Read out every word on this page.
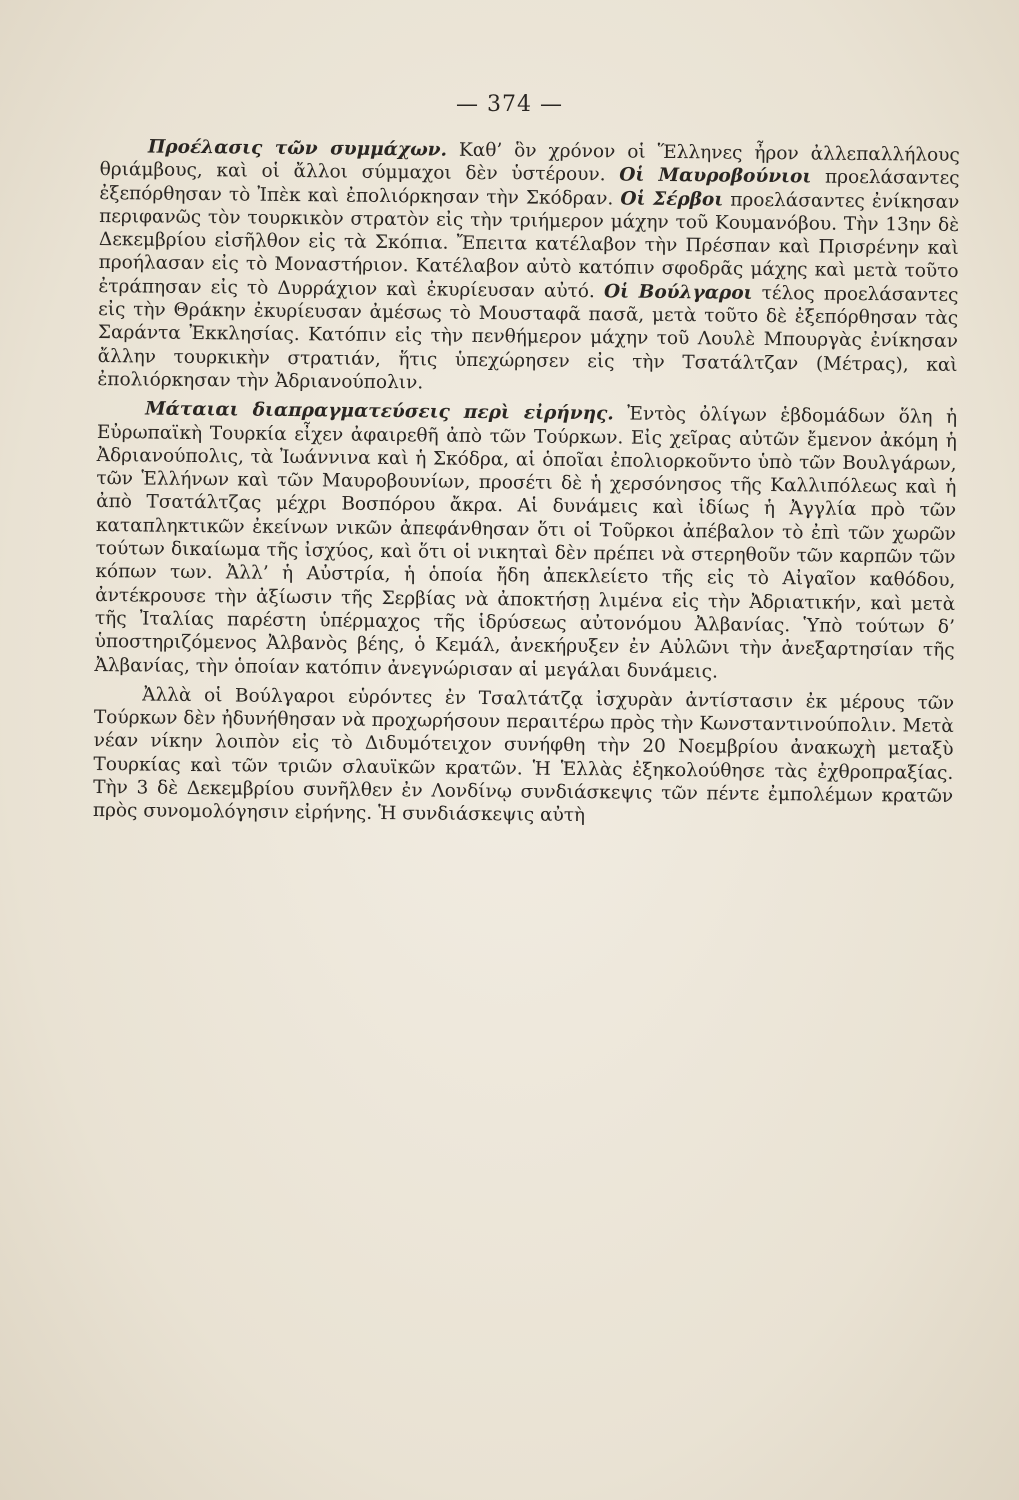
— 374 —

Προέλασις τῶν συμμάχων. Καθ’ ὃν χρόνον οἱ Ἕλληνες ἦρον ἀλλεπαλλήλους θριάμβους, καὶ οἱ ἄλλοι σύμμαχοι δὲν ὑστέρουν. Οἱ Μαυροβούνιοι προελάσαντες ἐξεπόρθησαν τὸ Ἰπὲκ καὶ ἐπολιόρκησαν τὴν Σκόδραν. Οἱ Σέρβοι προελάσαντες ἐνίκησαν περιφανῶς τὸν τουρκικὸν στρατὸν εἰς τὴν τριήμερον μάχην τοῦ Κουμανόβου. Τὴν 13ην δὲ Δεκεμβρίου εἰσῆλθον εἰς τὰ Σκόπια. Ἔπειτα κατέλαβον τὴν Πρέσπαν καὶ Πρισρένην καὶ προήλασαν εἰς τὸ Μοναστήριον. Κατέλαβον αὐτὸ κατόπιν σφοδρᾶς μάχης καὶ μετὰ τοῦτο ἐτράπησαν εἰς τὸ Δυρράχιον καὶ ἐκυρίευσαν αὐτό. Οἱ Βούλγαροι τέλος προελάσαντες εἰς τὴν Θράκην ἐκυρίευσαν ἀμέσως τὸ Μουσταφᾶ πασᾶ, μετὰ τοῦτο δὲ ἐξεπόρθησαν τὰς Σαράντα Ἐκκλησίας. Κατόπιν εἰς τὴν πενθήμερον μάχην τοῦ Λουλὲ Μπουργὰς ἐνίκησαν ἄλλην τουρκικὴν στρατιάν, ἥτις ὑπεχώρησεν εἰς τὴν Τσατάλτζαν (Μέτρας), καὶ ἐπολιόρκησαν τὴν Ἀδριανούπολιν.

Μάταιαι διαπραγματεύσεις περὶ εἰρήνης. Ἐντὸς ὀλίγων ἑβδομάδων ὅλη ἡ Εὐρωπαϊκὴ Τουρκία εἶχεν ἀφαιρεθῆ ἀπὸ τῶν Τούρκων. Εἰς χεῖρας αὐτῶν ἔμενον ἀκόμη ἡ Ἀδριανούπολις, τὰ Ἰωάννινα καὶ ἡ Σκόδρα, αἱ ὁποῖαι ἐπολιορκοῦντο ὑπὸ τῶν Βουλγάρων, τῶν Ἑλλήνων καὶ τῶν Μαυροβουνίων, προσέτι δὲ ἡ χερσόνησος τῆς Καλλιπόλεως καὶ ἡ ἀπὸ Τσατάλτζας μέχρι Βοσπόρου ἄκρα. Αἱ δυνάμεις καὶ ἰδίως ἡ Ἀγγλία πρὸ τῶν καταπληκτικῶν ἐκείνων νικῶν ἀπεφάνθησαν ὅτι οἱ Τοῦρκοι ἀπέβαλον τὸ ἐπὶ τῶν χωρῶν τούτων δικαίωμα τῆς ἰσχύος, καὶ ὅτι οἱ νικηταὶ δὲν πρέπει νὰ στερηθοῦν τῶν καρπῶν τῶν κόπων των. Ἀλλ’ ἡ Αὐστρία, ἡ ὁποία ἤδη ἀπεκλείετο τῆς εἰς τὸ Αἰγαῖον καθόδου, ἀντέκρουσε τὴν ἀξίωσιν τῆς Σερβίας νὰ ἀποκτήσῃ λιμένα εἰς τὴν Ἀδριατικήν, καὶ μετὰ τῆς Ἰταλίας παρέστη ὑπέρμαχος τῆς ἱδρύσεως αὐτονόμου Ἀλβανίας. Ὑπὸ τούτων δ’ ὑποστηριζόμενος Ἀλβανὸς βέης, ὁ Κεμάλ, ἀνεκήρυξεν ἐν Αὐλῶνι τὴν ἀνεξαρτησίαν τῆς Ἀλβανίας, τὴν ὁποίαν κατόπιν ἀνεγνώρισαν αἱ μεγάλαι δυνάμεις.

Ἀλλὰ οἱ Βούλγαροι εὑρόντες ἐν Τσαλτάτζᾳ ἰσχυρὰν ἀντίστασιν ἐκ μέρους τῶν Τούρκων δὲν ἠδυνήθησαν νὰ προχωρήσουν περαιτέρω πρὸς τὴν Κωνσταντινούπολιν. Μετὰ νέαν νίκην λοιπὸν εἰς τὸ Διδυμότειχον συνήφθη τὴν 20 Νοεμβρίου ἀνακωχὴ μεταξὺ Τουρκίας καὶ τῶν τριῶν σλαυϊκῶν κρατῶν. Ἡ Ἑλλὰς ἐξηκολούθησε τὰς ἐχθροπραξίας. Τὴν 3 δὲ Δεκεμβρίου συνῆλθεν ἐν Λονδίνῳ συνδιάσκεψις τῶν πέντε ἐμπολέμων κρατῶν πρὸς συνομολόγησιν εἰρήνης. Ἡ συνδιάσκεψις αὐτὴ
